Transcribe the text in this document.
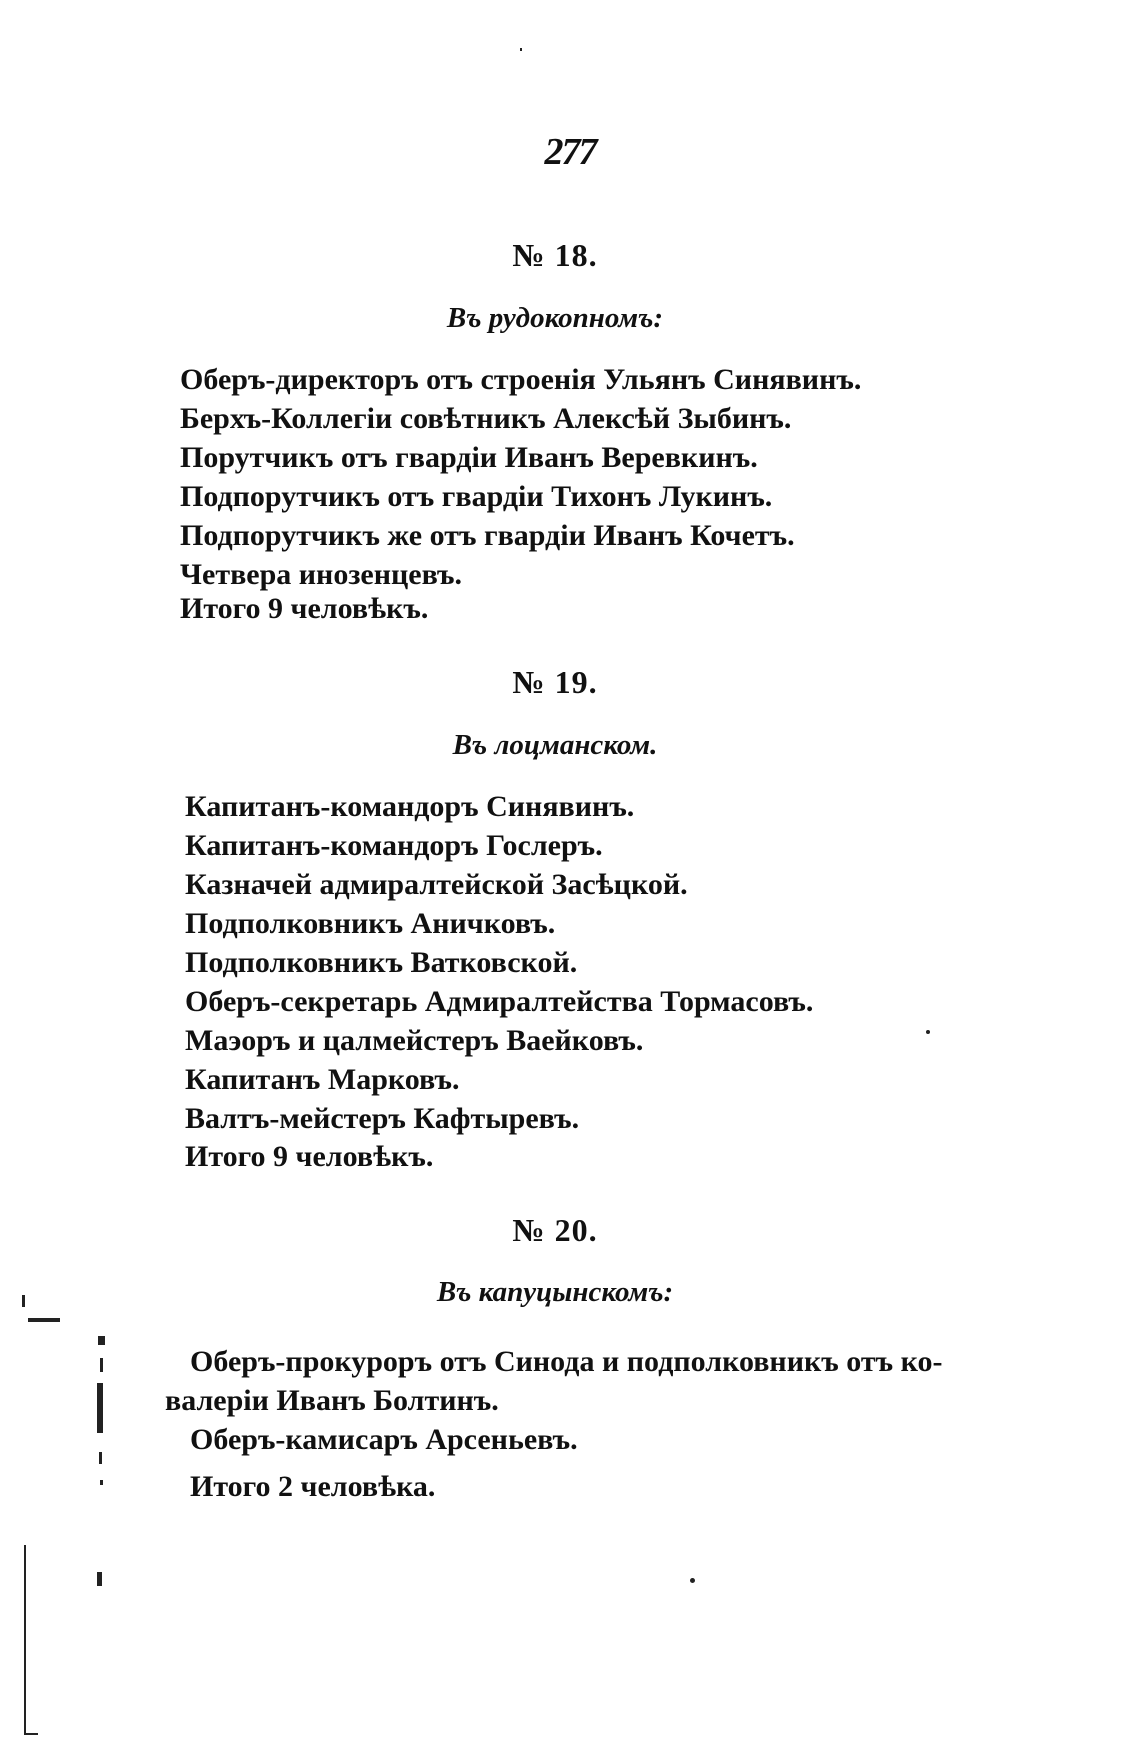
277
№ 18.
Въ рудокопномъ:
Оберъ-директоръ отъ строенія Ульянъ Синявинъ.
Берхъ-Коллегіи совѣтникъ Алексѣй Зыбинъ.
Порутчикъ отъ гвардіи Иванъ Веревкинъ.
Подпорутчикъ отъ гвардіи Тихонъ Лукинъ.
Подпорутчикъ же отъ гвардіи Иванъ Кочетъ.
Четвера инозенцевъ.
Итого 9 человѣкъ.
№ 19.
Въ лоцманском.
Капитанъ-командоръ Синявинъ.
Капитанъ-командоръ Гослеръ.
Казначей адмиралтейской Засѣцкой.
Подполковникъ Аничковъ.
Подполковникъ Ватковской.
Оберъ-секретарь Адмиралтейства Тормасовъ.
Маэоръ и цалмейстеръ Ваейковъ.
Капитанъ Марковъ.
Валтъ-мейстеръ Кафтыревъ.
Итого 9 человѣкъ.
№ 20.
Въ капуцынскомъ:
Оберъ-прокуроръ отъ Синода и подполковникъ отъ ко-
валеріи Иванъ Болтинъ.
Оберъ-камисаръ Арсеньевъ.
Итого 2 человѣка.
